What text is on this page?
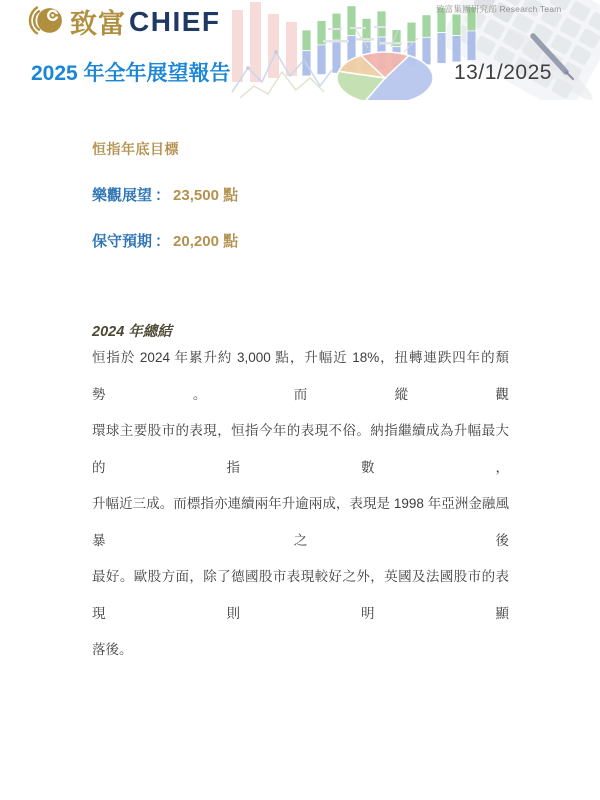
致富集團研究部 Research Team
致富 CHIEF
2025 年全年展望報告	13/1/2025
恒指年底目標
樂觀展望 ： 23,500 點
保守預期 ： 20,200 點
2024 年總結
恒指於 2024 年累升約 3,000 點，升幅近 18%，扭轉連跌四年的頹勢。而縱觀
環球主要股市的表現，恒指今年的表現不俗。納指繼續成為升幅最大的指數，
升幅近三成。而標指亦連續兩年升逾兩成，表現是 1998 年亞洲金融風暴之後
最好。歐股方面，除了德國股市表現較好之外，英國及法國股市的表現則明顯
落後。
